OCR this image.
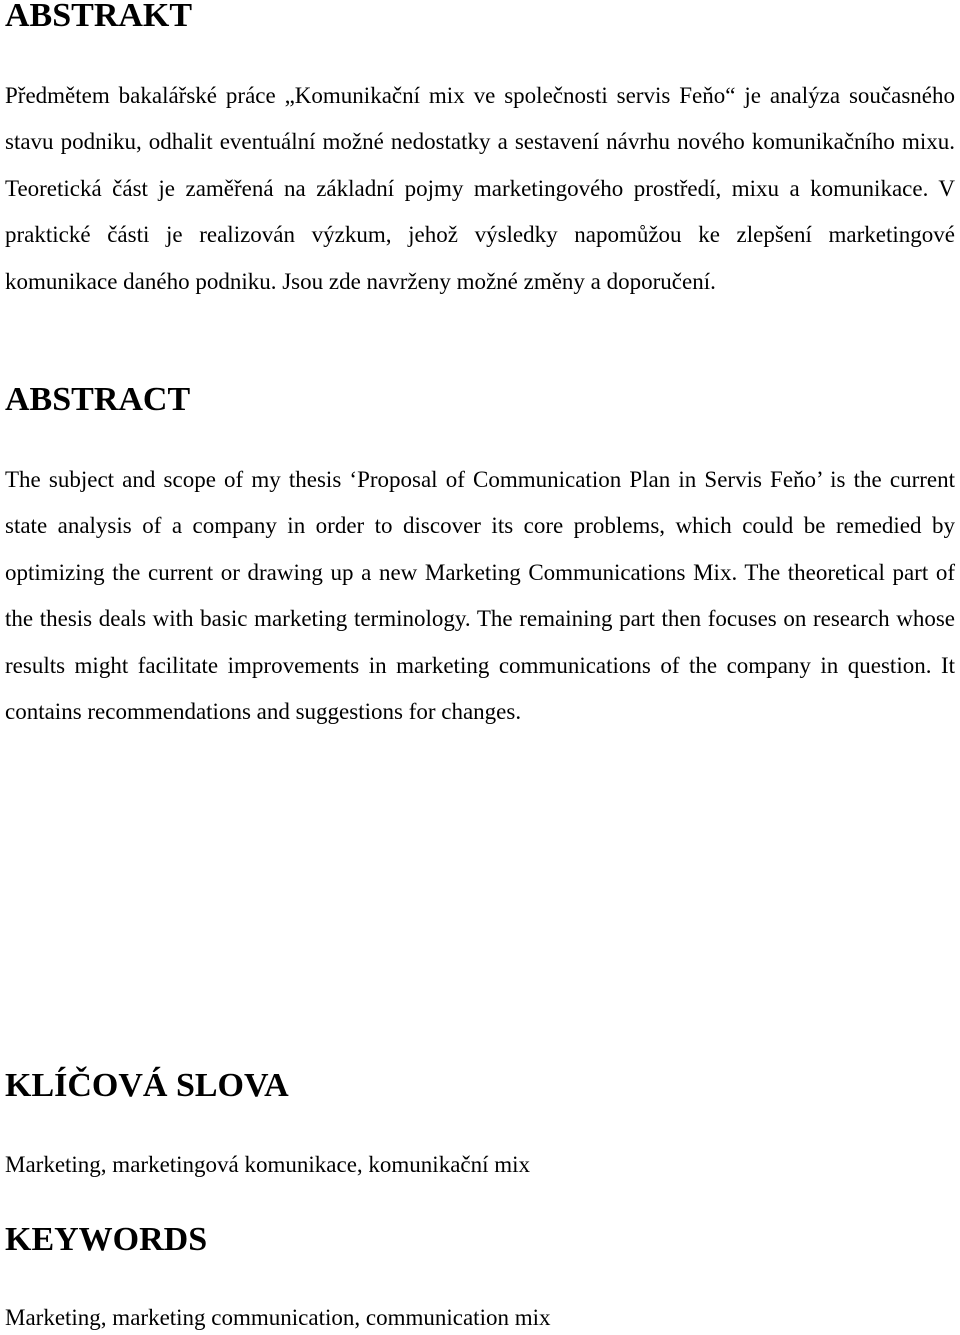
ABSTRAKT

Předmětem bakalářské práce „Komunikační mix ve společnosti servis Feňo“ je analýza současného stavu podniku, odhalit eventuální možné nedostatky a sestavení návrhu nového komunikačního mixu. Teoretická část je zaměřená na základní pojmy marketingového prostředí, mixu a komunikace. V praktické části je realizován výzkum, jehož výsledky napomůžou ke zlepšení marketingové komunikace daného podniku. Jsou zde navrženy možné změny a doporučení.

ABSTRACT

The subject and scope of my thesis ‘Proposal of Communication Plan in Servis Feňo’ is the current state analysis of a company in order to discover its core problems, which could be remedied by optimizing the current or drawing up a new Marketing Communications Mix. The theoretical part of the thesis deals with basic marketing terminology. The remaining part then focuses on research whose results might facilitate improvements in marketing communications of the company in question. It contains recommendations and suggestions for changes.

KLÍČOVÁ SLOVA

Marketing, marketingová komunikace, komunikační mix

KEYWORDS

Marketing, marketing communication, communication mix
